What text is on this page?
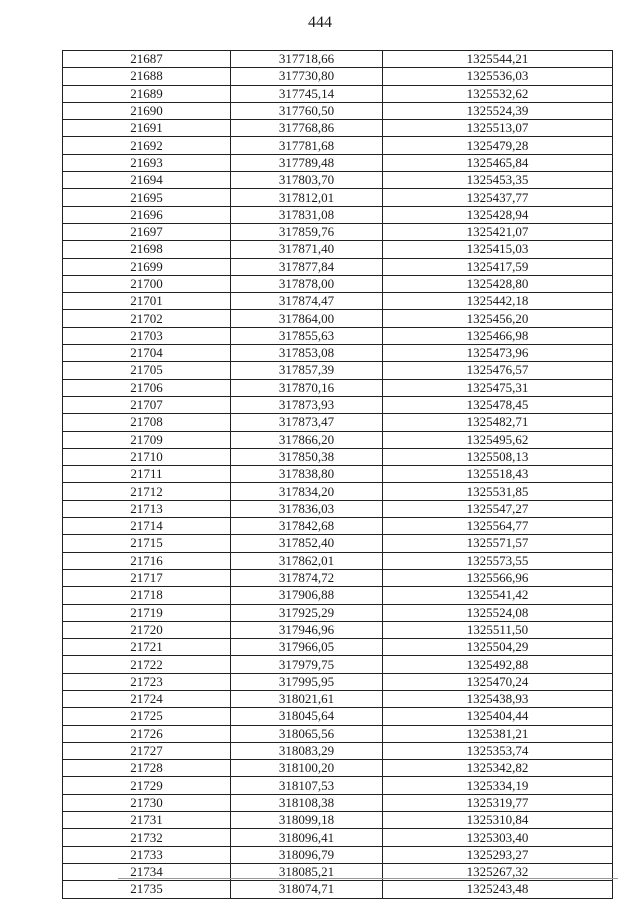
444
21687	317718,66	1325544,21
21688	317730,80	1325536,03
21689	317745,14	1325532,62
21690	317760,50	1325524,39
21691	317768,86	1325513,07
21692	317781,68	1325479,28
21693	317789,48	1325465,84
21694	317803,70	1325453,35
21695	317812,01	1325437,77
21696	317831,08	1325428,94
21697	317859,76	1325421,07
21698	317871,40	1325415,03
21699	317877,84	1325417,59
21700	317878,00	1325428,80
21701	317874,47	1325442,18
21702	317864,00	1325456,20
21703	317855,63	1325466,98
21704	317853,08	1325473,96
21705	317857,39	1325476,57
21706	317870,16	1325475,31
21707	317873,93	1325478,45
21708	317873,47	1325482,71
21709	317866,20	1325495,62
21710	317850,38	1325508,13
21711	317838,80	1325518,43
21712	317834,20	1325531,85
21713	317836,03	1325547,27
21714	317842,68	1325564,77
21715	317852,40	1325571,57
21716	317862,01	1325573,55
21717	317874,72	1325566,96
21718	317906,88	1325541,42
21719	317925,29	1325524,08
21720	317946,96	1325511,50
21721	317966,05	1325504,29
21722	317979,75	1325492,88
21723	317995,95	1325470,24
21724	318021,61	1325438,93
21725	318045,64	1325404,44
21726	318065,56	1325381,21
21727	318083,29	1325353,74
21728	318100,20	1325342,82
21729	318107,53	1325334,19
21730	318108,38	1325319,77
21731	318099,18	1325310,84
21732	318096,41	1325303,40
21733	318096,79	1325293,27
21734	318085,21	1325267,32
21735	318074,71	1325243,48
